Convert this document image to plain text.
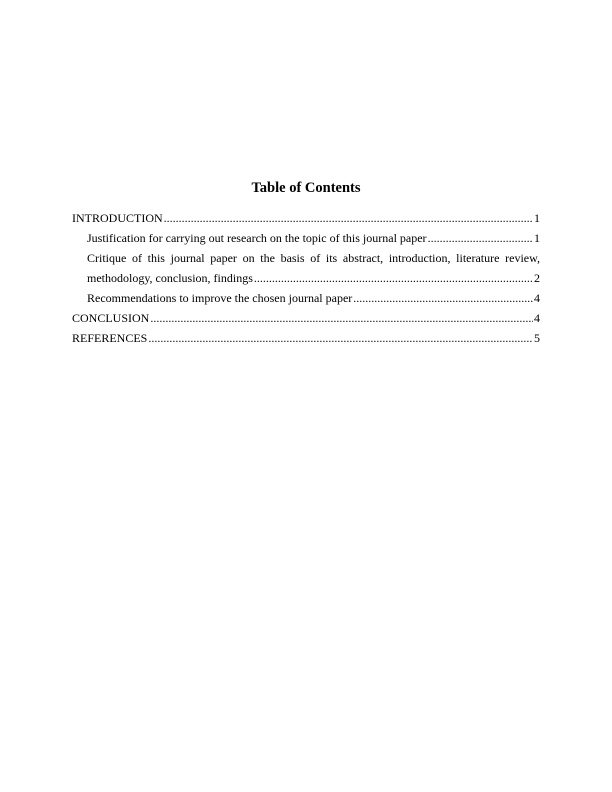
Table of Contents
INTRODUCTION .....	1
Justification for carrying out research on the topic of this journal paper .....	1
Critique of this journal paper on the basis of its abstract, introduction, literature review,
methodology, conclusion, findings .....	2
Recommendations to improve the chosen journal paper .....	4
CONCLUSION .....	4
REFERENCES .....	5
